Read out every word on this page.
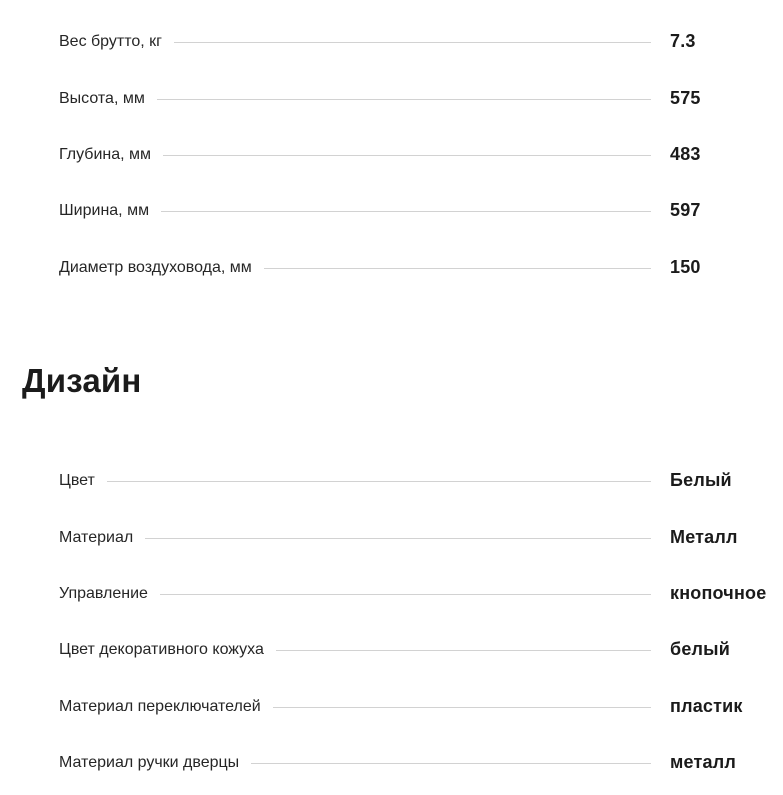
Вес брутто, кг	7.3
Высота, мм	575
Глубина, мм	483
Ширина, мм	597
Диаметр воздуховода, мм	150
Дизайн
Цвет	Белый
Материал	Металл
Управление	кнопочное
Цвет декоративного кожуха	белый
Материал переключателей	пластик
Материал ручки дверцы	металл
